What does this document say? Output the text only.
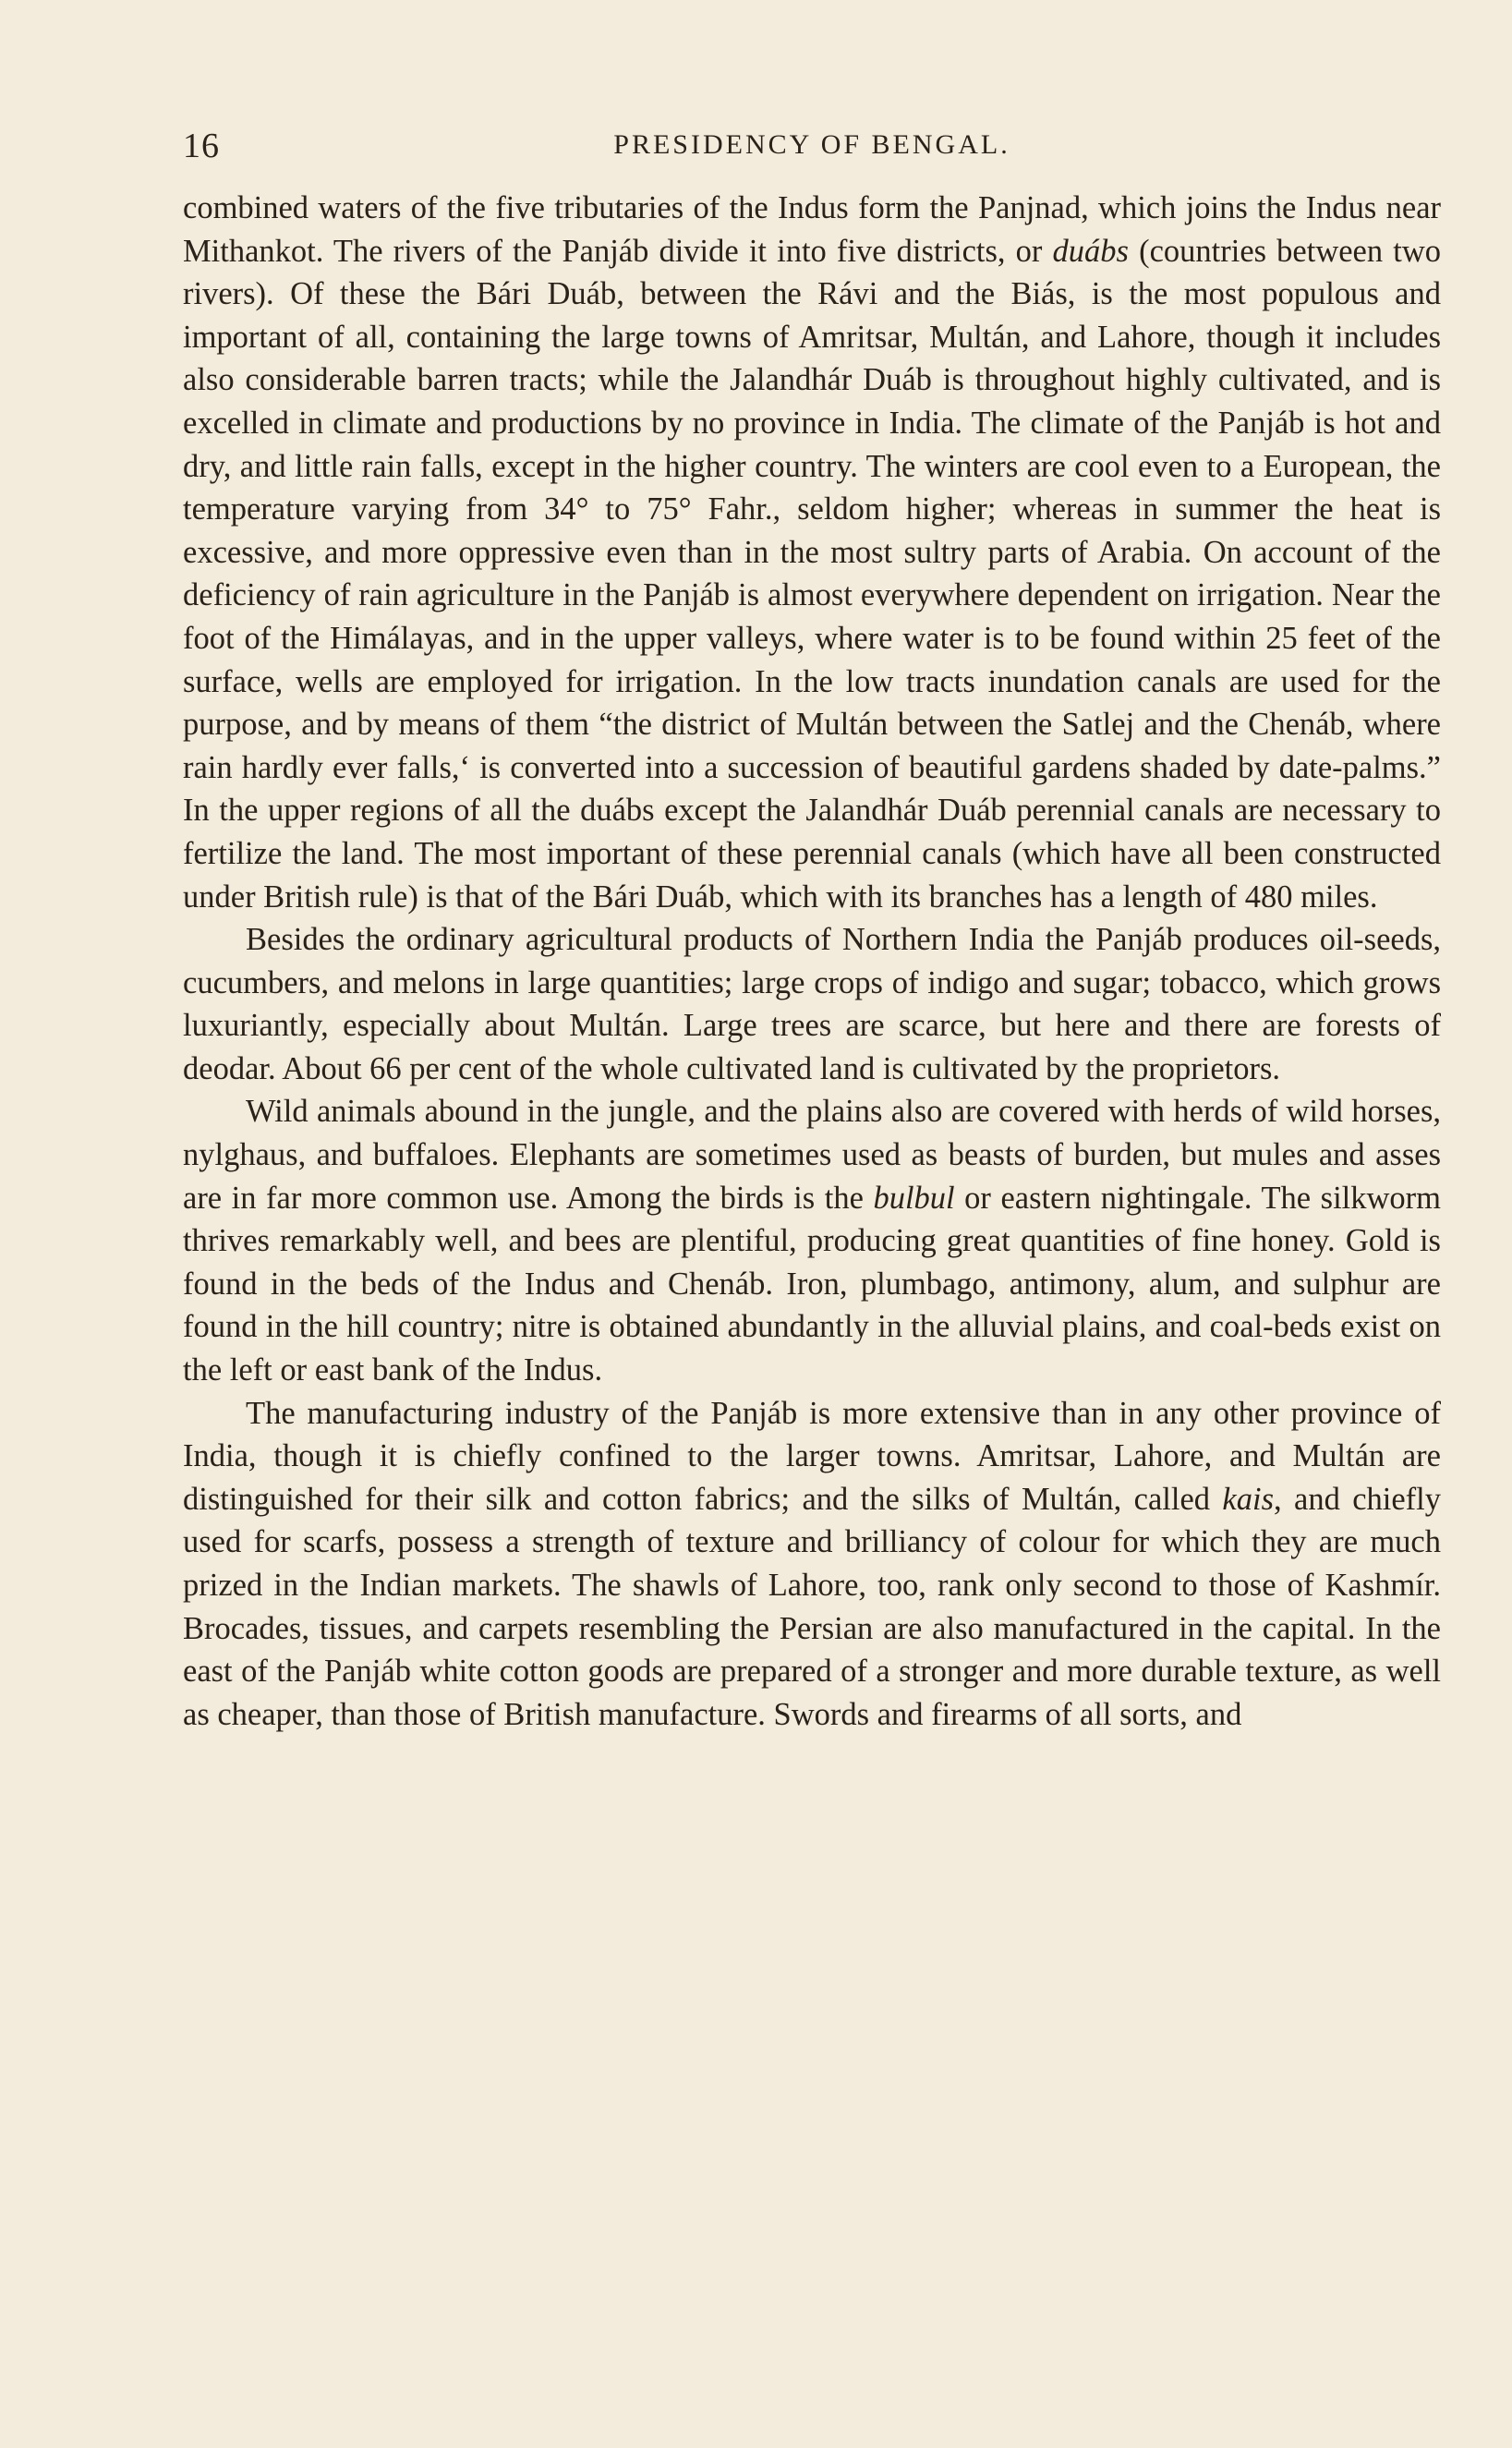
16	PRESIDENCY OF BENGAL.

combined waters of the five tributaries of the Indus form the Panjnad, which joins the Indus near Mithankot. The rivers of the Panjáb divide it into five districts, or duábs (countries between two rivers). Of these the Bári Duáb, between the Rávi and the Biás, is the most populous and important of all, containing the large towns of Amritsar, Multán, and Lahore, though it includes also considerable barren tracts; while the Jalandhár Duáb is throughout highly cultivated, and is excelled in climate and productions by no province in India. The climate of the Panjáb is hot and dry, and little rain falls, except in the higher country. The winters are cool even to a European, the temperature varying from 34° to 75° Fahr., seldom higher; whereas in summer the heat is excessive, and more oppressive even than in the most sultry parts of Arabia. On account of the deficiency of rain agriculture in the Panjáb is almost everywhere dependent on irrigation. Near the foot of the Himálayas, and in the upper valleys, where water is to be found within 25 feet of the surface, wells are employed for irrigation. In the low tracts inundation canals are used for the purpose, and by means of them “the district of Multán between the Satlej and the Chenáb, where rain hardly ever falls,‘ is converted into a succession of beautiful gardens shaded by date-palms.” In the upper regions of all the duábs except the Jalandhár Duáb perennial canals are necessary to fertilize the land. The most important of these perennial canals (which have all been constructed under British rule) is that of the Bári Duáb, which with its branches has a length of 480 miles.

Besides the ordinary agricultural products of Northern India the Panjáb produces oil-seeds, cucumbers, and melons in large quantities; large crops of indigo and sugar; tobacco, which grows luxuriantly, especially about Multán. Large trees are scarce, but here and there are forests of deodar. About 66 per cent of the whole cultivated land is cultivated by the proprietors.

Wild animals abound in the jungle, and the plains also are covered with herds of wild horses, nylghaus, and buffaloes. Elephants are sometimes used as beasts of burden, but mules and asses are in far more common use. Among the birds is the bulbul or eastern nightingale. The silkworm thrives remarkably well, and bees are plentiful, producing great quantities of fine honey. Gold is found in the beds of the Indus and Chenáb. Iron, plumbago, antimony, alum, and sulphur are found in the hill country; nitre is obtained abundantly in the alluvial plains, and coal-beds exist on the left or east bank of the Indus.

The manufacturing industry of the Panjáb is more extensive than in any other province of India, though it is chiefly confined to the larger towns. Amritsar, Lahore, and Multán are distinguished for their silk and cotton fabrics; and the silks of Multán, called kais, and chiefly used for scarfs, possess a strength of texture and brilliancy of colour for which they are much prized in the Indian markets. The shawls of Lahore, too, rank only second to those of Kashmír. Brocades, tissues, and carpets resembling the Persian are also manufactured in the capital. In the east of the Panjáb white cotton goods are prepared of a stronger and more durable texture, as well as cheaper, than those of British manufacture. Swords and firearms of all sorts, and
